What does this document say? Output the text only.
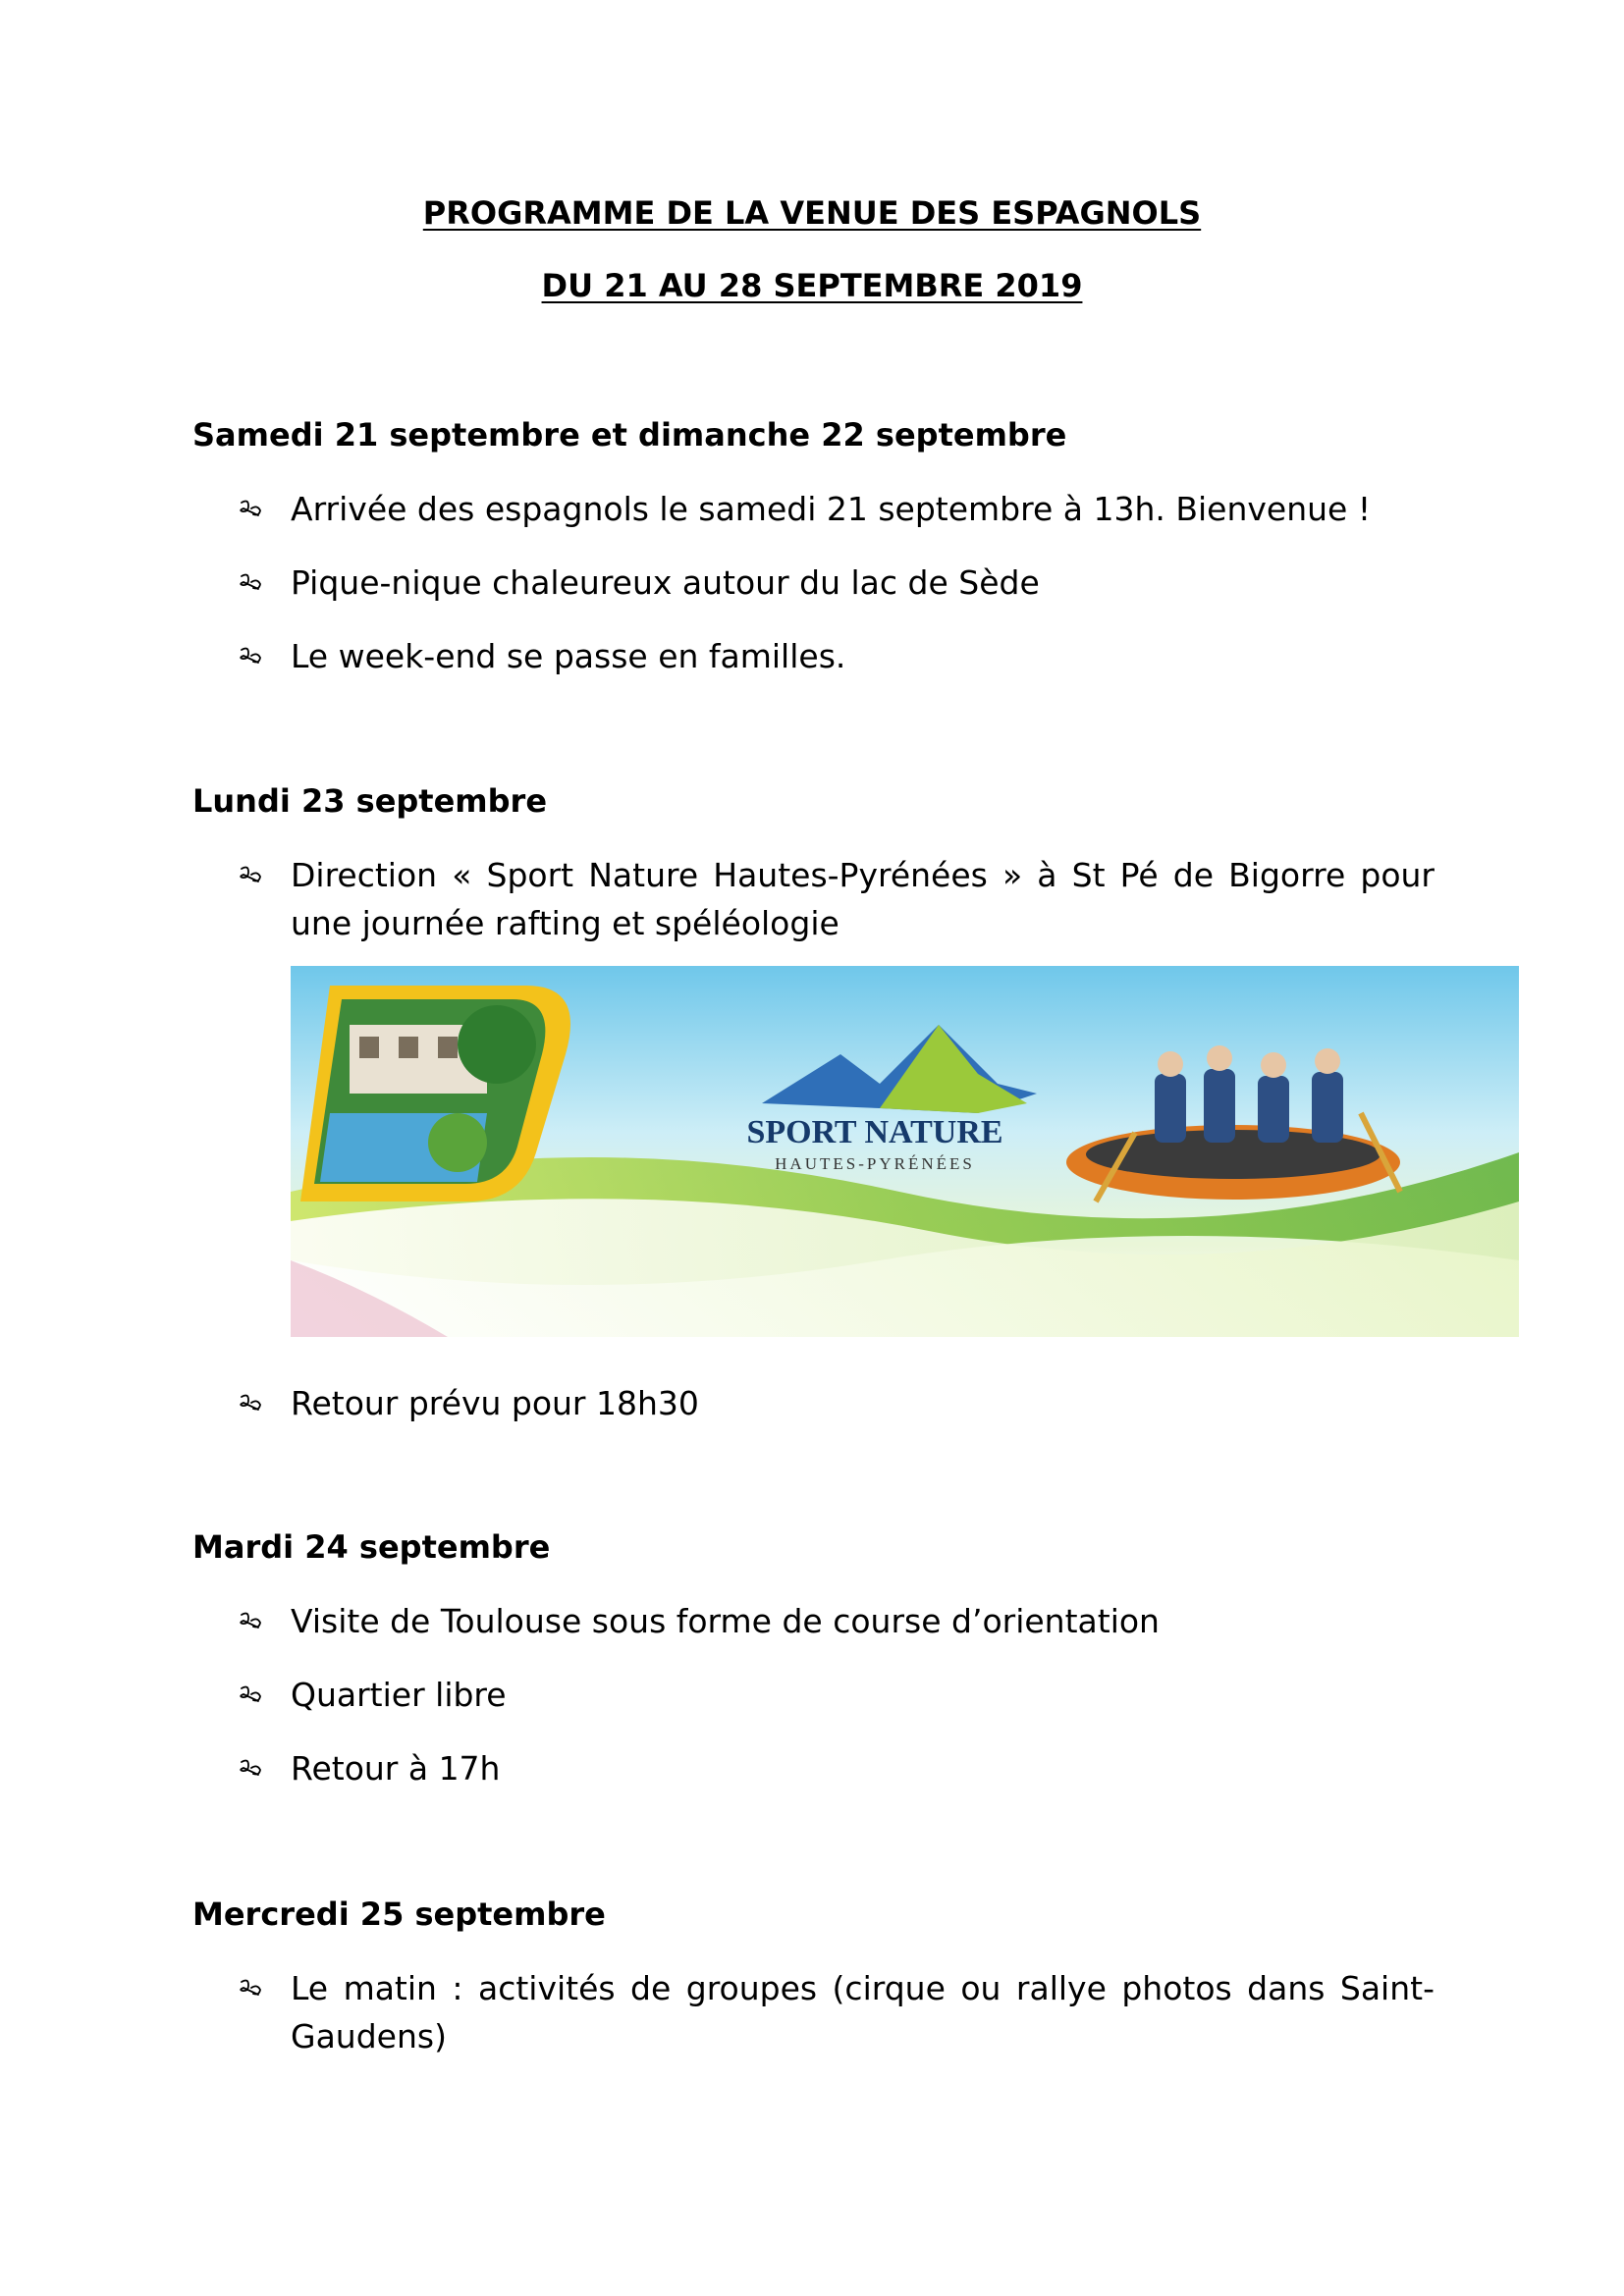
PROGRAMME DE LA VENUE DES ESPAGNOLS
DU 21 AU 28 SEPTEMBRE 2019
Samedi 21 septembre et dimanche 22 septembre
Arrivée des espagnols le samedi 21 septembre à 13h. Bienvenue !
Pique-nique chaleureux autour du lac de Sède
Le week-end se passe en familles.
Lundi 23 septembre
Direction « Sport Nature Hautes-Pyrénées » à St Pé de Bigorre pour une journée rafting et spéléologie
SPORT NATURE
HAUTES-PYRÉNÉES
Retour prévu pour 18h30
Mardi 24 septembre
Visite de Toulouse sous forme de course d’orientation
Quartier libre
Retour à 17h
Mercredi 25 septembre
Le matin : activités de groupes (cirque ou rallye photos dans Saint-Gaudens)
